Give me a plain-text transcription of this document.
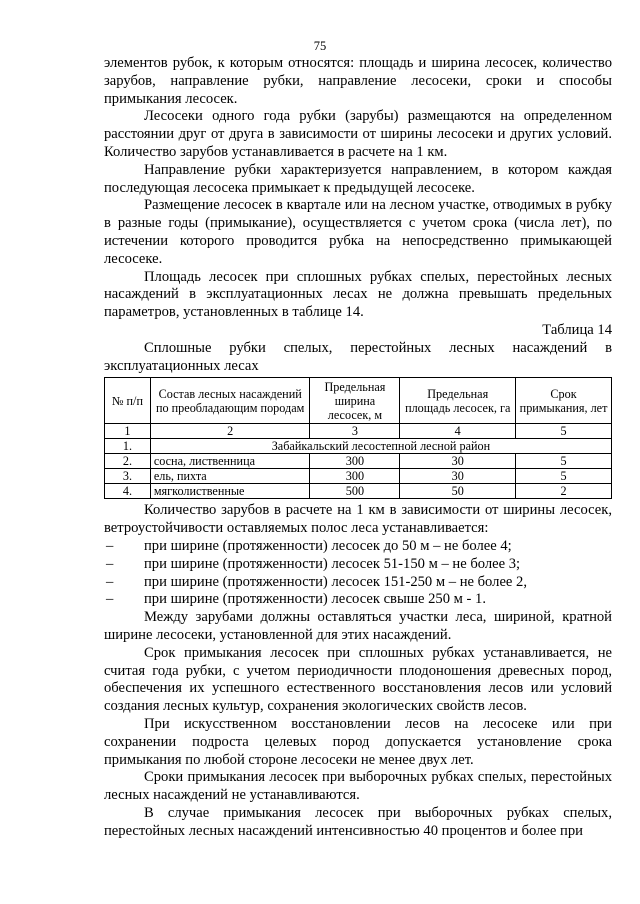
75

элементов рубок, к которым относятся: площадь и ширина лесосек, количество зарубов, направление рубки, направление лесосеки, сроки и способы примыкания лесосек.

Лесосеки одного года рубки (зарубы) размещаются на определенном расстоянии друг от друга в зависимости от ширины лесосеки и других условий. Количество зарубов устанавливается в расчете на 1 км.

Направление рубки характеризуется направлением, в котором каждая последующая лесосека примыкает к предыдущей лесосеке.

Размещение лесосек в квартале или на лесном участке, отводимых в рубку в разные годы (примыкание), осуществляется с учетом срока (числа лет), по истечении которого проводится рубка на непосредственно примыкающей лесосеке.

Площадь лесосек при сплошных рубках спелых, перестойных лесных насаждений в эксплуатационных лесах не должна превышать предельных параметров, установленных в таблице 14.

Таблица 14

Сплошные рубки спелых, перестойных лесных насаждений в эксплуатационных лесах

№ п/п	Состав лесных насаждений по преобладающим породам	Предельная ширина лесосек, м	Предельная площадь лесосек, га	Срок примыкания, лет
1	2	3	4	5
1.	Забайкальский лесостепной лесной район			
2.	сосна, лиственница	300	30	5
3.	ель, пихта	300	30	5
4.	мягколиственные	500	50	2

Количество зарубов в расчете на 1 км в зависимости от ширины лесосек, ветроустойчивости оставляемых полос леса устанавливается:

–	при ширине (протяженности) лесосек до 50 м – не более 4;
–	при ширине (протяженности) лесосек 51-150 м – не более 3;
–	при ширине (протяженности) лесосек 151-250 м – не более 2,
–	при ширине (протяженности) лесосек свыше 250 м - 1.

Между зарубами должны оставляться участки леса, шириной, кратной ширине лесосеки, установленной для этих насаждений.

Срок примыкания лесосек при сплошных рубках устанавливается, не считая года рубки, с учетом периодичности плодоношения древесных пород, обеспечения их успешного естественного восстановления лесов или условий создания лесных культур, сохранения экологических свойств лесов.

При искусственном восстановлении лесов на лесосеке или при сохранении подроста целевых пород допускается установление срока примыкания по любой стороне лесосеки не менее двух лет.

Сроки примыкания лесосек при выборочных рубках спелых, перестойных лесных насаждений не устанавливаются.

В случае примыкания лесосек при выборочных рубках спелых, перестойных лесных насаждений интенсивностью 40 процентов и более при
